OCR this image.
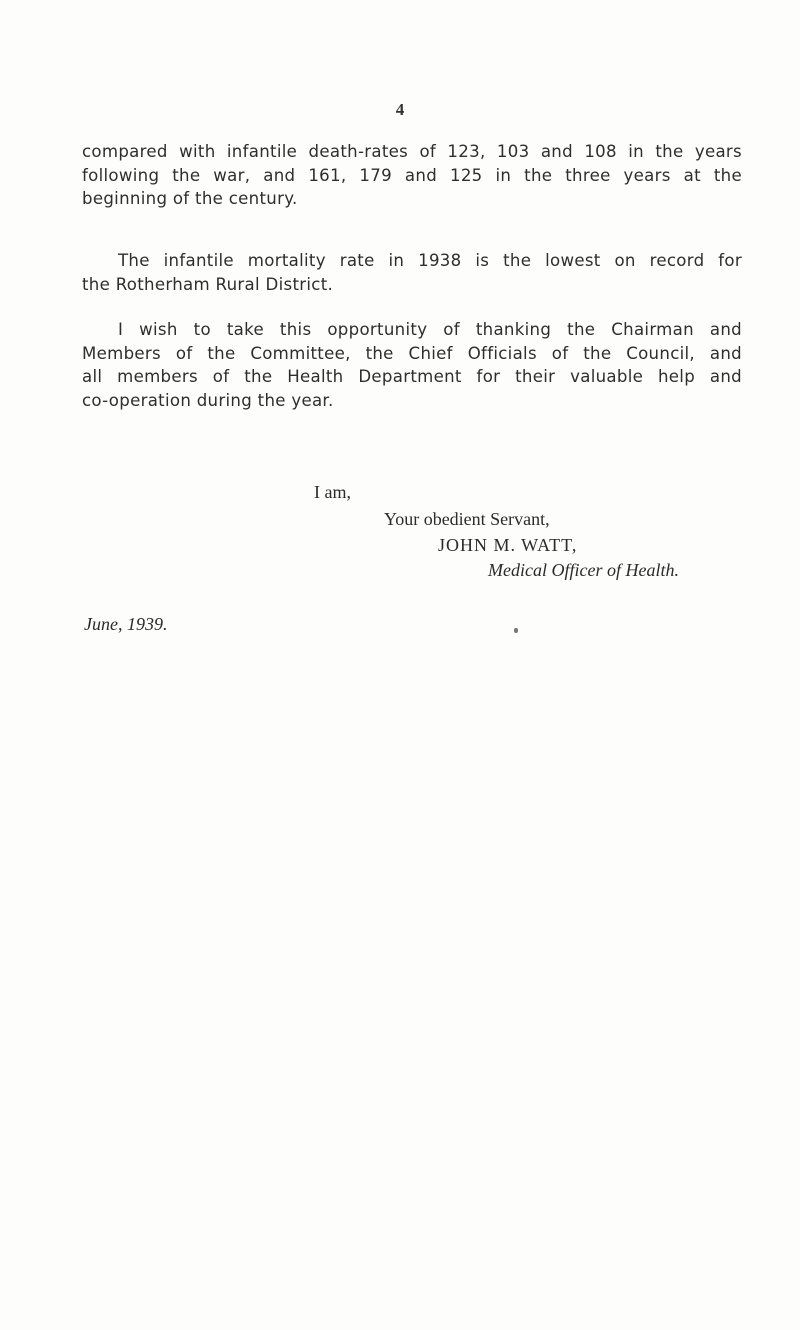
4
compared with infantile death-rates of 123, 103 and 108 in the years
following the war, and 161, 179 and 125 in the three years at the
beginning of the century.
The infantile mortality rate in 1938 is the lowest on record for
the Rotherham Rural District.
I wish to take this opportunity of thanking the Chairman and
Members of the Committee, the Chief Officials of the Council, and
all members of the Health Department for their valuable help and
co-operation during the year.
I am,
Your obedient Servant,
JOHN M. WATT,
Medical Officer of Health.
June, 1939.
